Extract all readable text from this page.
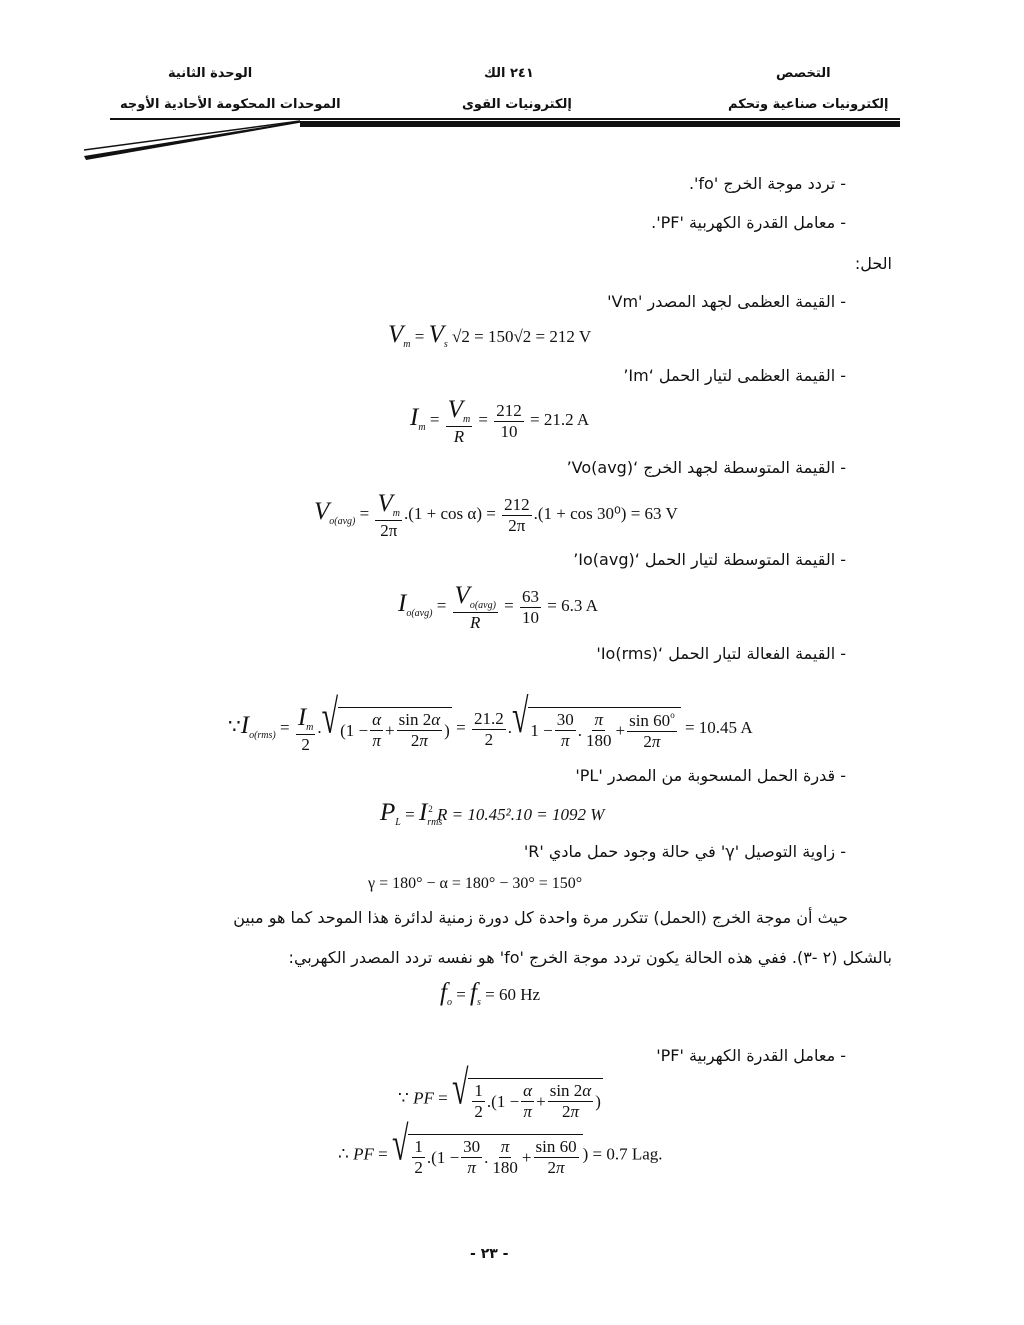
الوحدة الثانية
الموحدات المحكومة الأحادية الأوجه
٢٤١ الك
إلكترونيات القوى
التخصص
إلكترونيات صناعية وتحكم
- تردد موجة الخرج 'fo'.
- معامل القدرة الكهربية 'PF'.
الحل:
- القيمة العظمى لجهد المصدر 'Vm'
$V_m = V_s$ √2 = 150√2 = 212 V
- القيمة العظمى لتيار الحمل ‘Im’
$I_m = \frac{V_m}{R} = \frac{212}{10} = 21.2$ A
- القيمة المتوسطة لجهد الخرج ‘Vo(avg)’
$V_{o(avg)} = \frac{V_m}{2\pi} .(1 + \cos \alpha) = \frac{212}{2\pi} .(1 + \cos 30^0) = 63$ V
- القيمة المتوسطة لتيار الحمل ‘Io(avg)’
$I_{o(avg)} = \frac{V_{o(avg)}}{R} = \frac{63}{10} = 6.3$ A
- القيمة الفعالة لتيار الحمل ‘Io(rms)'
$\because I_{o(rms)} = \frac{I_m}{2}$ . √ ($1 - \frac{\alpha}{\pi} + \frac{\sin 2\alpha}{2\pi}$ ) = $\frac{21.2}{2}$ . √ $1 - \frac{30}{\pi}$ . $\frac{\pi}{180} + \frac{\sin 60^o}{2\pi} = 10.45$ A
- قدرة الحمل المسحوبة من المصدر 'PL'
$P_L = I_{rms}^2$ R = 10.45².10 = 1092 W
- زاوية التوصيل 'γ' في حالة وجود حمل مادي 'R'
γ = 180° − α = 180° − 30° = 150°
حيث أن موجة الخرج (الحمل) تتكرر مرة واحدة كل دورة زمنية لدائرة هذا الموحد كما هو مبين
بالشكل (٢ -٣). ففي هذه الحالة يكون تردد موجة الخرج 'fo' هو نفسه تردد المصدر الكهربي:
$f_o = f_s = 60$ Hz
- معامل القدرة الكهربية 'PF'
∵ PF = √ $\frac{1}{2} .(1 - \frac{\alpha}{\pi} + \frac{\sin 2\alpha}{2\pi}$ )
∴ PF = √ $\frac{1}{2} .(1 - \frac{30}{\pi}$ . $\frac{\pi}{180} + \frac{\sin 60}{2\pi}$ ) = 0.7 Lag.
- ٢٣ -
